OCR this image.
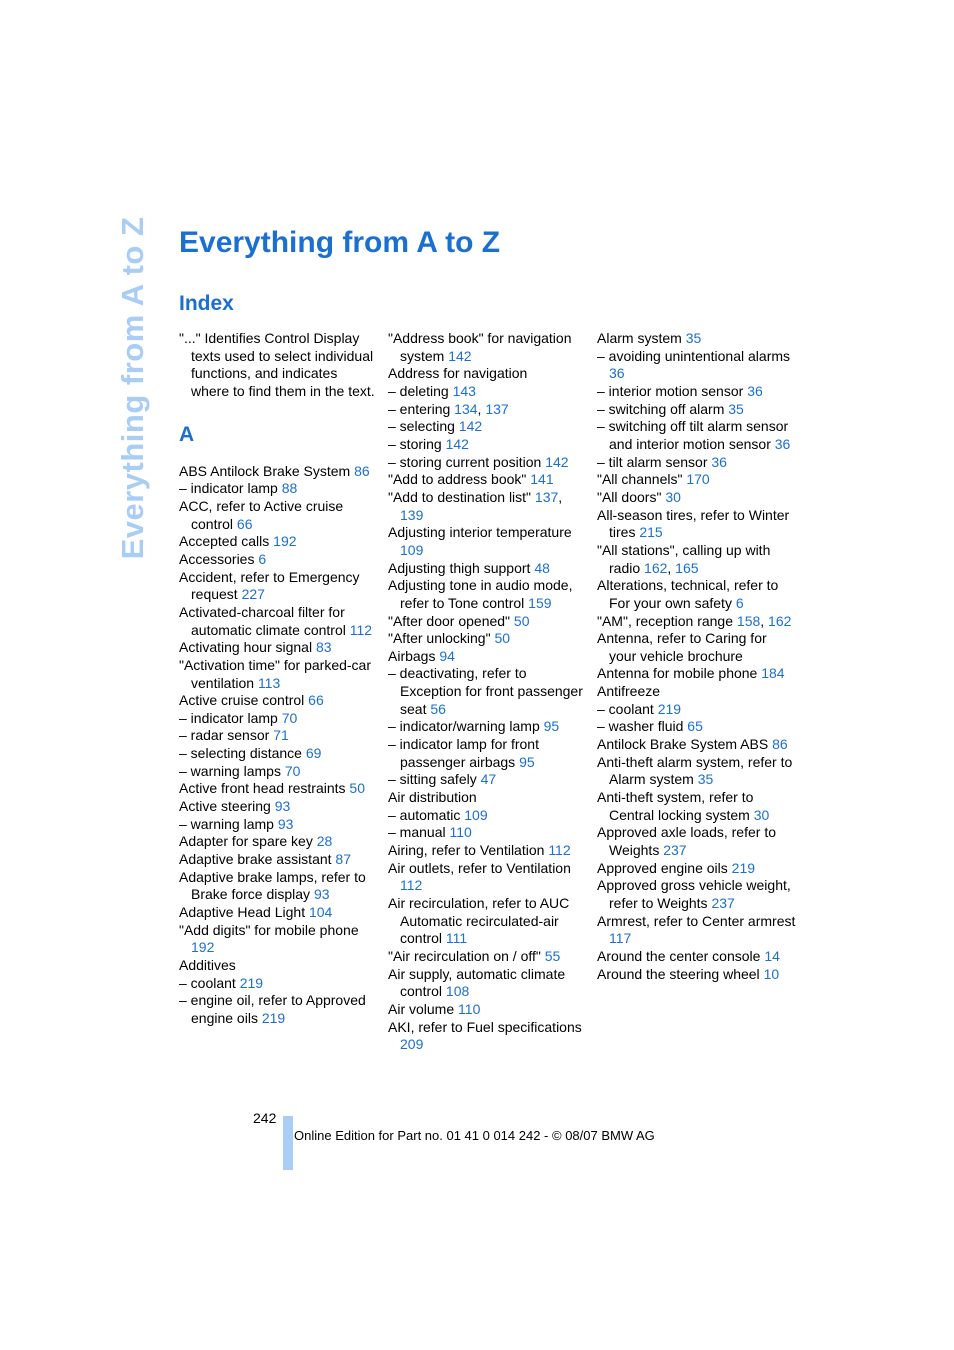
Everything from A to Z Everything from A to Z
Index
"..." Identifies Control Display texts used to select individual functions, and indicates where to find them in the text.
A
ABS Antilock Brake System 86
– indicator lamp 88
ACC, refer to Active cruise control 66
Accepted calls 192
Accessories 6
Accident, refer to Emergency request 227
Activated-charcoal filter for automatic climate control 112
Activating hour signal 83
"Activation time" for parked-car ventilation 113
Active cruise control 66
– indicator lamp 70
– radar sensor 71
– selecting distance 69
– warning lamps 70
Active front head restraints 50
Active steering 93
– warning lamp 93
Adapter for spare key 28
Adaptive brake assistant 87
Adaptive brake lamps, refer to Brake force display 93
Adaptive Head Light 104
"Add digits" for mobile phone 192
Additives
– coolant 219
– engine oil, refer to Approved engine oils 219
"Address book" for navigation system 142
Address for navigation
– deleting 143
– entering 134, 137
– selecting 142
– storing 142
– storing current position 142
"Add to address book" 141
"Add to destination list" 137, 139
Adjusting interior temperature 109
Adjusting thigh support 48
Adjusting tone in audio mode, refer to Tone control 159
"After door opened" 50
"After unlocking" 50
Airbags 94
– deactivating, refer to Exception for front passenger seat 56
– indicator/warning lamp 95
– indicator lamp for front passenger airbags 95
– sitting safely 47
Air distribution
– automatic 109
– manual 110
Airing, refer to Ventilation 112
Air outlets, refer to Ventilation 112
Air recirculation, refer to AUC Automatic recirculated-air control 111
"Air recirculation on / off" 55
Air supply, automatic climate control 108
Air volume 110
AKI, refer to Fuel specifications 209
Alarm system 35
– avoiding unintentional alarms 36
– interior motion sensor 36
– switching off alarm 35
– switching off tilt alarm sensor and interior motion sensor 36
– tilt alarm sensor 36
"All channels" 170
"All doors" 30
All-season tires, refer to Winter tires 215
"All stations", calling up with radio 162, 165
Alterations, technical, refer to For your own safety 6
"AM", reception range 158, 162
Antenna, refer to Caring for your vehicle brochure
Antenna for mobile phone 184
Antifreeze
– coolant 219
– washer fluid 65
Antilock Brake System ABS 86
Anti-theft alarm system, refer to Alarm system 35
Anti-theft system, refer to Central locking system 30
Approved axle loads, refer to Weights 237
Approved engine oils 219
Approved gross vehicle weight, refer to Weights 237
Armrest, refer to Center armrest 117
Around the center console 14
Around the steering wheel 10
242
Online Edition for Part no. 01 41 0 014 242 - © 08/07 BMW AG
